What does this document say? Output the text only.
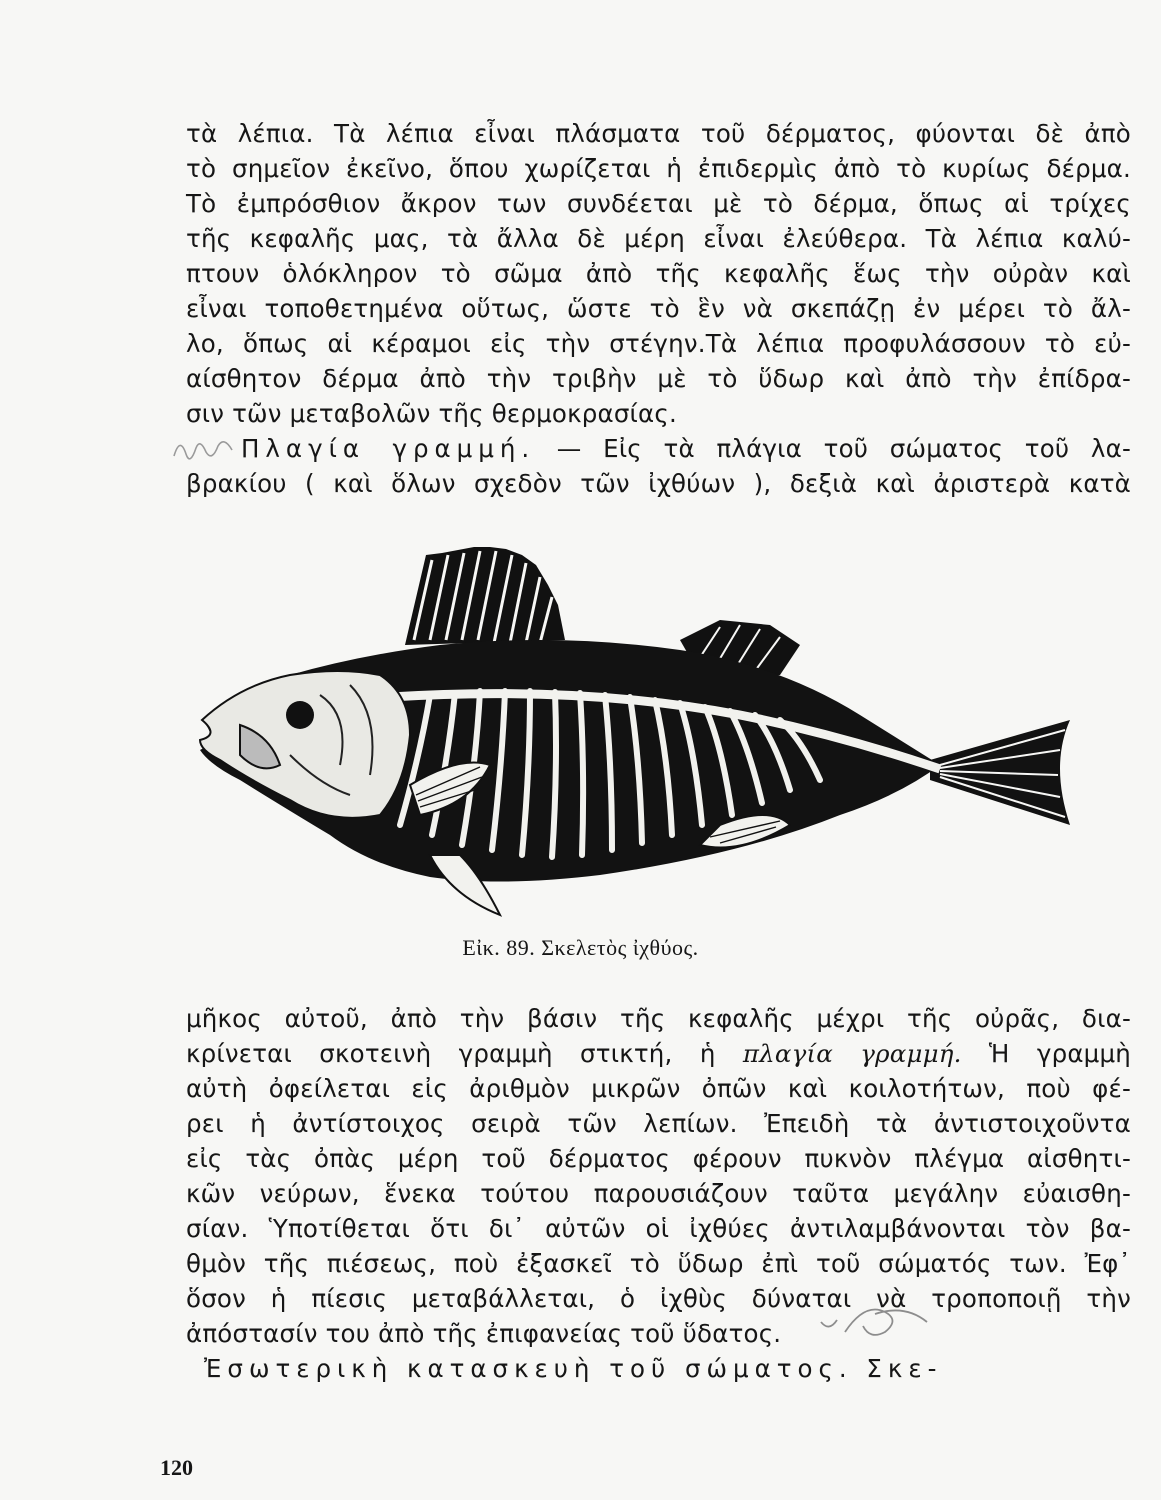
τὰ λέπια. Τὰ λέπια εἶναι πλάσματα τοῦ δέρματος, φύονται δὲ ἀπὸ
τὸ σημεῖον ἐκεῖνο, ὅπου χωρίζεται ἡ ἐπιδερμὶς ἀπὸ τὸ κυρίως δέρμα.
Τὸ ἐμπρόσθιον ἄκρον των συνδέεται μὲ τὸ δέρμα, ὅπως αἱ τρίχες
τῆς κεφαλῆς μας, τὰ ἄλλα δὲ μέρη εἶναι ἐλεύθερα. Τὰ λέπια καλύ-
πτουν ὁλόκληρον τὸ σῶμα ἀπὸ τῆς κεφαλῆς ἕως τὴν οὐρὰν καὶ
εἶναι τοποθετημένα οὕτως, ὥστε τὸ ἓν νὰ σκεπάζῃ ἐν μέρει τὸ ἄλ-
λο, ὅπως αἱ κέραμοι εἰς τὴν στέγην.Τὰ λέπια προφυλάσσουν τὸ εὐ-
αίσθητον δέρμα ἀπὸ τὴν τριβὴν μὲ τὸ ὕδωρ καὶ ἀπὸ τὴν ἐπίδρα-
σιν τῶν μεταβολῶν τῆς θερμοκρασίας.
Πλαγία γραμμή. — Εἰς τὰ πλάγια τοῦ σώματος τοῦ λα-
βρακίου ( καὶ ὅλων σχεδὸν τῶν ἰχθύων ), δεξιὰ καὶ ἀριστερὰ κατὰ
Εἰκ. 89. Σκελετὸς ἰχθύος.
μῆκος αὐτοῦ, ἀπὸ τὴν βάσιν τῆς κεφαλῆς μέχρι τῆς οὐρᾶς, δια-
κρίνεται σκοτεινὴ γραμμὴ στικτή, ἡ πλαγία γραμμή. Ἡ γραμμὴ
αὐτὴ ὀφείλεται εἰς ἀριθμὸν μικρῶν ὀπῶν καὶ κοιλοτήτων, ποὺ φέ-
ρει ἡ ἀντίστοιχος σειρὰ τῶν λεπίων. Ἐπειδὴ τὰ ἀντιστοιχοῦντα
εἰς τὰς ὀπὰς μέρη τοῦ δέρματος φέρουν πυκνὸν πλέγμα αἰσθητι-
κῶν νεύρων, ἕνεκα τούτου παρουσιάζουν ταῦτα μεγάλην εὐαισθη-
σίαν. Ὑποτίθεται ὅτι δι᾽ αὐτῶν οἱ ἰχθύες ἀντιλαμβάνονται τὸν βα-
θμὸν τῆς πιέσεως, ποὺ ἐξασκεῖ τὸ ὕδωρ ἐπὶ τοῦ σώματός των. Ἐφ᾽
ὅσον ἡ πίεσις μεταβάλλεται, ὁ ἰχθὺς δύναται νὰ τροποποιῇ τὴν
ἀπόστασίν του ἀπὸ τῆς ἐπιφανείας τοῦ ὕδατος.
Ἐσωτερικὴ κατασκευὴ τοῦ σώματος. Σκε-
120
